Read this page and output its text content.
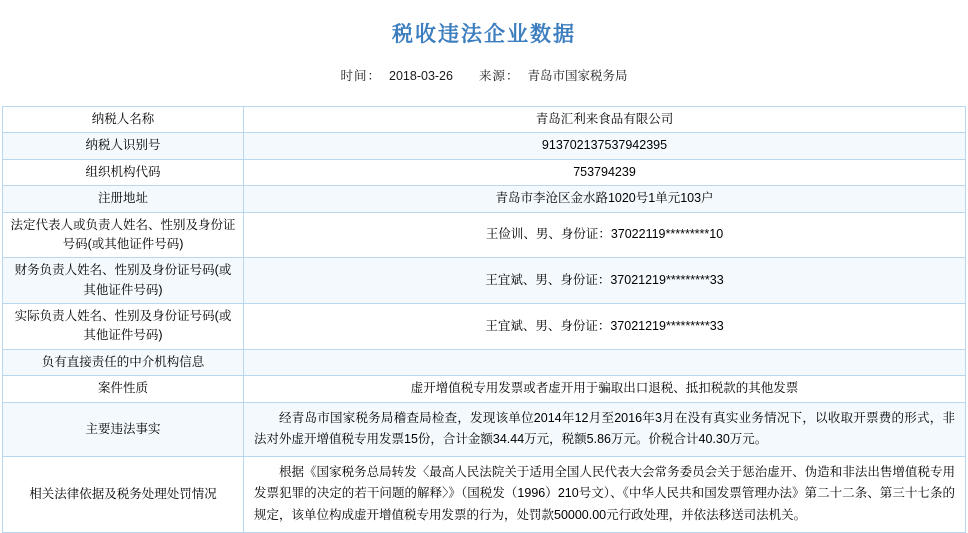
税收违法企业数据
时间： 2018-03-26 来源： 青岛市国家税务局
纳税人名称	青岛汇利来食品有限公司
纳税人识别号	913702137537942395
组织机构代码	753794239
注册地址	青岛市李沧区金水路1020号1单元103户
法定代表人或负责人姓名、性别及身份证号码(或其他证件号码)	王俭训、男、身份证：37022119*********10
财务负责人姓名、性别及身份证号码(或其他证件号码)	王宜斌、男、身份证：37021219*********33
实际负责人姓名、性别及身份证号码(或其他证件号码)	王宜斌、男、身份证：37021219*********33
负有直接责任的中介机构信息	
案件性质	虚开增值税专用发票或者虚开用于骗取出口退税、抵扣税款的其他发票
主要违法事实	经青岛市国家税务局稽查局检查，发现该单位2014年12月至2016年3月在没有真实业务情况下，以收取开票费的形式，非法对外虚开增值税专用发票15份，合计金额34.44万元，税额5.86万元。价税合计40.30万元。
相关法律依据及税务处理处罚情况	根据《国家税务总局转发〈最高人民法院关于适用全国人民代表大会常务委员会关于惩治虚开、伪造和非法出售增值税专用发票犯罪的决定的若干问题的解释〉》（国税发（1996）210号文）、《中华人民共和国发票管理办法》第二十二条、第三十七条的规定，该单位构成虚开增值税专用发票的行为，处罚款50000.00元行政处理，并依法移送司法机关。
